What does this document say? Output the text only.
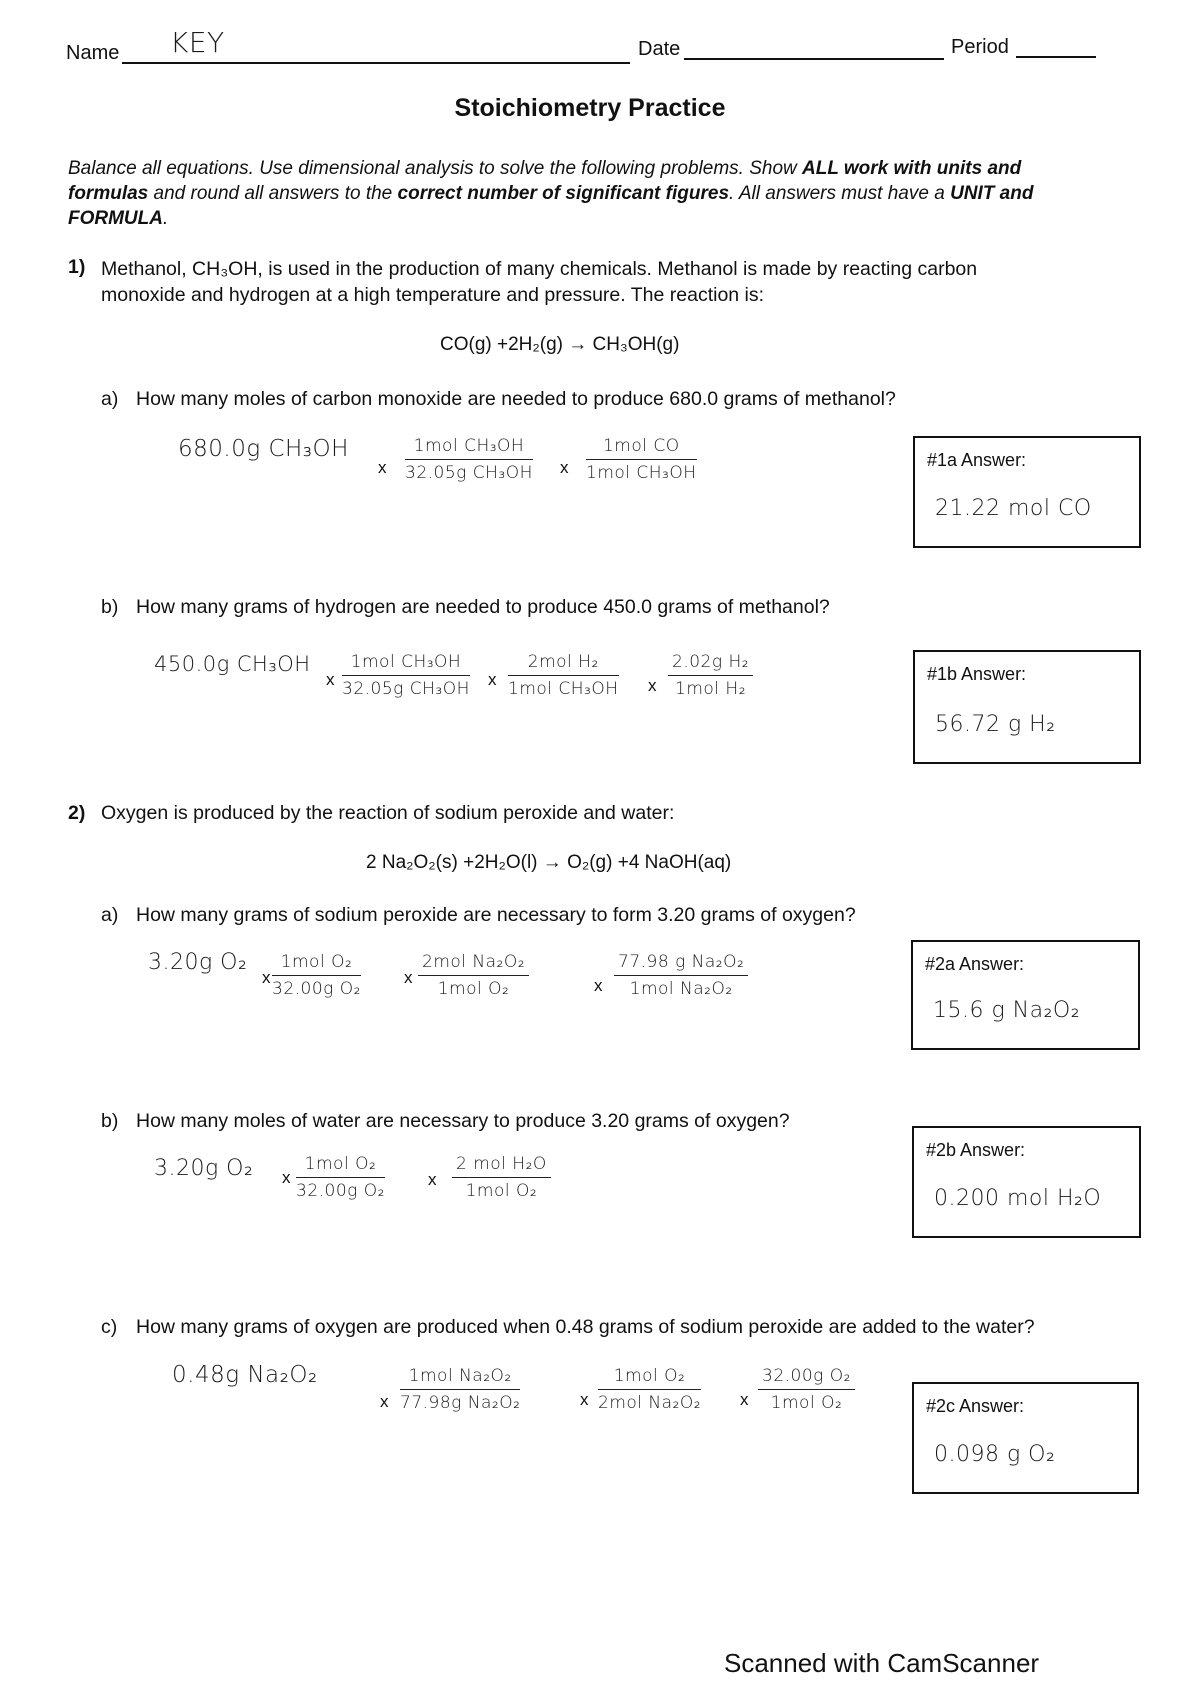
Name KEY	Date	Period
Stoichiometry Practice
Balance all equations. Use dimensional analysis to solve the following problems. Show ALL work with units and formulas and round all answers to the correct number of significant figures. All answers must have a UNIT and FORMULA.
1) Methanol, CH₃OH, is used in the production of many chemicals. Methanol is made by reacting carbon monoxide and hydrogen at a high temperature and pressure. The reaction is:
CO(g) +2H₂(g) → CH₃OH(g)
a) How many moles of carbon monoxide are needed to produce 680.0 grams of methanol?
680.0g CH₃OH
x
1mol CH₃OH
32.05g CH₃OH x
1mol CO
1mol CH₃OH
#1a Answer:
21.22 mol CO
b) How many grams of hydrogen are needed to produce 450.0 grams of methanol?
450.0g CH₃OH
x
1mol CH₃OH
32.05g CH₃OH x
2mol H₂
1mol CH₃OH x
2.02g H₂
1mol H₂
#1b Answer:
56.72 g H₂
2) Oxygen is produced by the reaction of sodium peroxide and water:
2 Na₂O₂(s) +2H₂O(l) → O₂(g) +4 NaOH(aq)
a) How many grams of sodium peroxide are necessary to form 3.20 grams of oxygen?
3.20g O₂
x
1mol O₂
32.00g O₂
x
2mol Na₂O₂
1mol O₂	x
77.98 g Na₂O₂
1mol Na₂O₂
#2a Answer:
15.6 g Na₂O₂
b) How many moles of water are necessary to produce 3.20 grams of oxygen?
3.20g O₂ x
1mol O₂
32.00g O₂
x
2 mol H₂O
1mol O₂
#2b Answer:
0.200 mol H₂O
c) How many grams of oxygen are produced when 0.48 grams of sodium peroxide are added to the water?
0.48g Na₂O₂
x
1mol Na₂O₂
77.98g Na₂O₂	x
1mol O₂
2mol Na₂O₂ x
32.00g O₂
1mol O₂	#2c Answer:
0.098 g O₂
Scanned with CamScanner
